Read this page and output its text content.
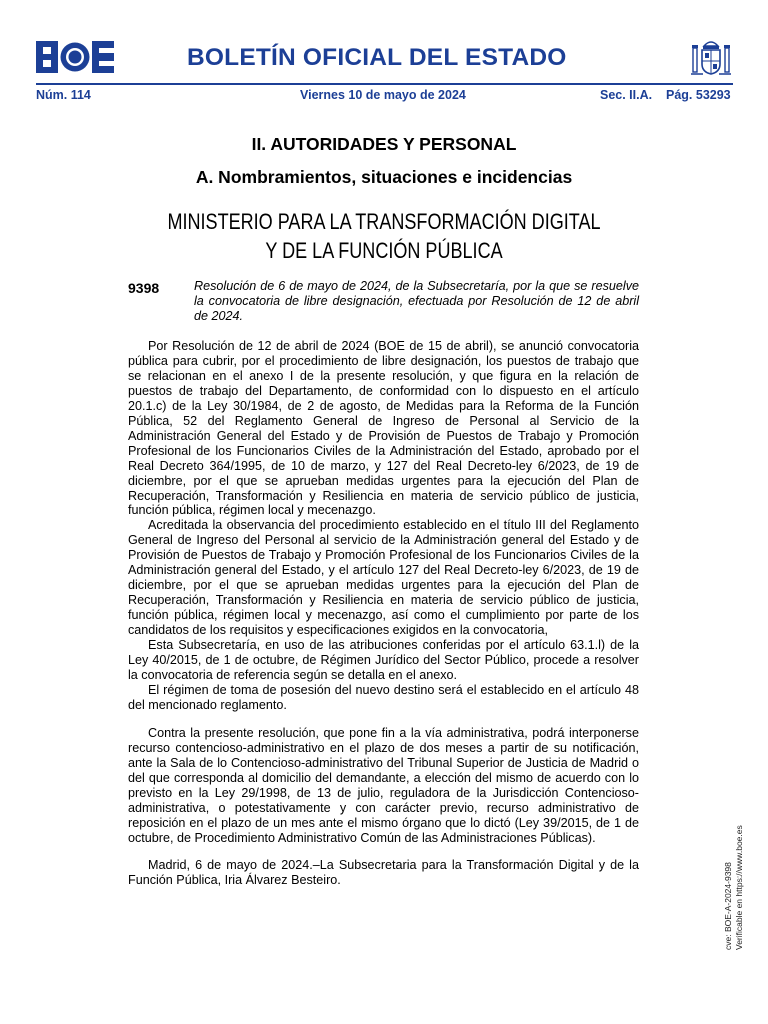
BOLETÍN OFICIAL DEL ESTADO
Núm. 114	Viernes 10 de mayo de 2024	Sec. II.A. Pág. 53293
II. AUTORIDADES Y PERSONAL
A. Nombramientos, situaciones e incidencias
MINISTERIO PARA LA TRANSFORMACIÓN DIGITAL
Y DE LA FUNCIÓN PÚBLICA
9398	Resolución de 6 de mayo de 2024, de la Subsecretaría, por la que se resuelve la convocatoria de libre designación, efectuada por Resolución de 12 de abril de 2024.

Por Resolución de 12 de abril de 2024 (BOE de 15 de abril), se anunció convocatoria pública para cubrir, por el procedimiento de libre designación, los puestos de trabajo que se relacionan en el anexo I de la presente resolución, y que figura en la relación de puestos de trabajo del Departamento, de conformidad con lo dispuesto en el artículo 20.1.c) de la Ley 30/1984, de 2 de agosto, de Medidas para la Reforma de la Función Pública, 52 del Reglamento General de Ingreso de Personal al Servicio de la Administración General del Estado y de Provisión de Puestos de Trabajo y Promoción Profesional de los Funcionarios Civiles de la Administración del Estado, aprobado por el Real Decreto 364/1995, de 10 de marzo, y 127 del Real Decreto-ley 6/2023, de 19 de diciembre, por el que se aprueban medidas urgentes para la ejecución del Plan de Recuperación, Transformación y Resiliencia en materia de servicio público de justicia, función pública, régimen local y mecenazgo.

Acreditada la observancia del procedimiento establecido en el título III del Reglamento General de Ingreso del Personal al servicio de la Administración general del Estado y de Provisión de Puestos de Trabajo y Promoción Profesional de los Funcionarios Civiles de la Administración general del Estado, y el artículo 127 del Real Decreto-ley 6/2023, de 19 de diciembre, por el que se aprueban medidas urgentes para la ejecución del Plan de Recuperación, Transformación y Resiliencia en materia de servicio público de justicia, función pública, régimen local y mecenazgo, así como el cumplimiento por parte de los candidatos de los requisitos y especificaciones exigidos en la convocatoria,

Esta Subsecretaría, en uso de las atribuciones conferidas por el artículo 63.1.l) de la Ley 40/2015, de 1 de octubre, de Régimen Jurídico del Sector Público, procede a resolver la convocatoria de referencia según se detalla en el anexo.

El régimen de toma de posesión del nuevo destino será el establecido en el artículo 48 del mencionado reglamento.

Contra la presente resolución, que pone fin a la vía administrativa, podrá interponerse recurso contencioso-administrativo en el plazo de dos meses a partir de su notificación, ante la Sala de lo Contencioso-administrativo del Tribunal Superior de Justicia de Madrid o del que corresponda al domicilio del demandante, a elección del mismo de acuerdo con lo previsto en la Ley 29/1998, de 13 de julio, reguladora de la Jurisdicción Contencioso-administrativa, o potestativamente y con carácter previo, recurso administrativo de reposición en el plazo de un mes ante el mismo órgano que lo dictó (Ley 39/2015, de 1 de octubre, de Procedimiento Administrativo Común de las Administraciones Públicas).

Madrid, 6 de mayo de 2024.–La Subsecretaria para la Transformación Digital y de la Función Pública, Iria Álvarez Besteiro.	cve: BOE-A-2024-9398 Verificable en https://www.boe.es
